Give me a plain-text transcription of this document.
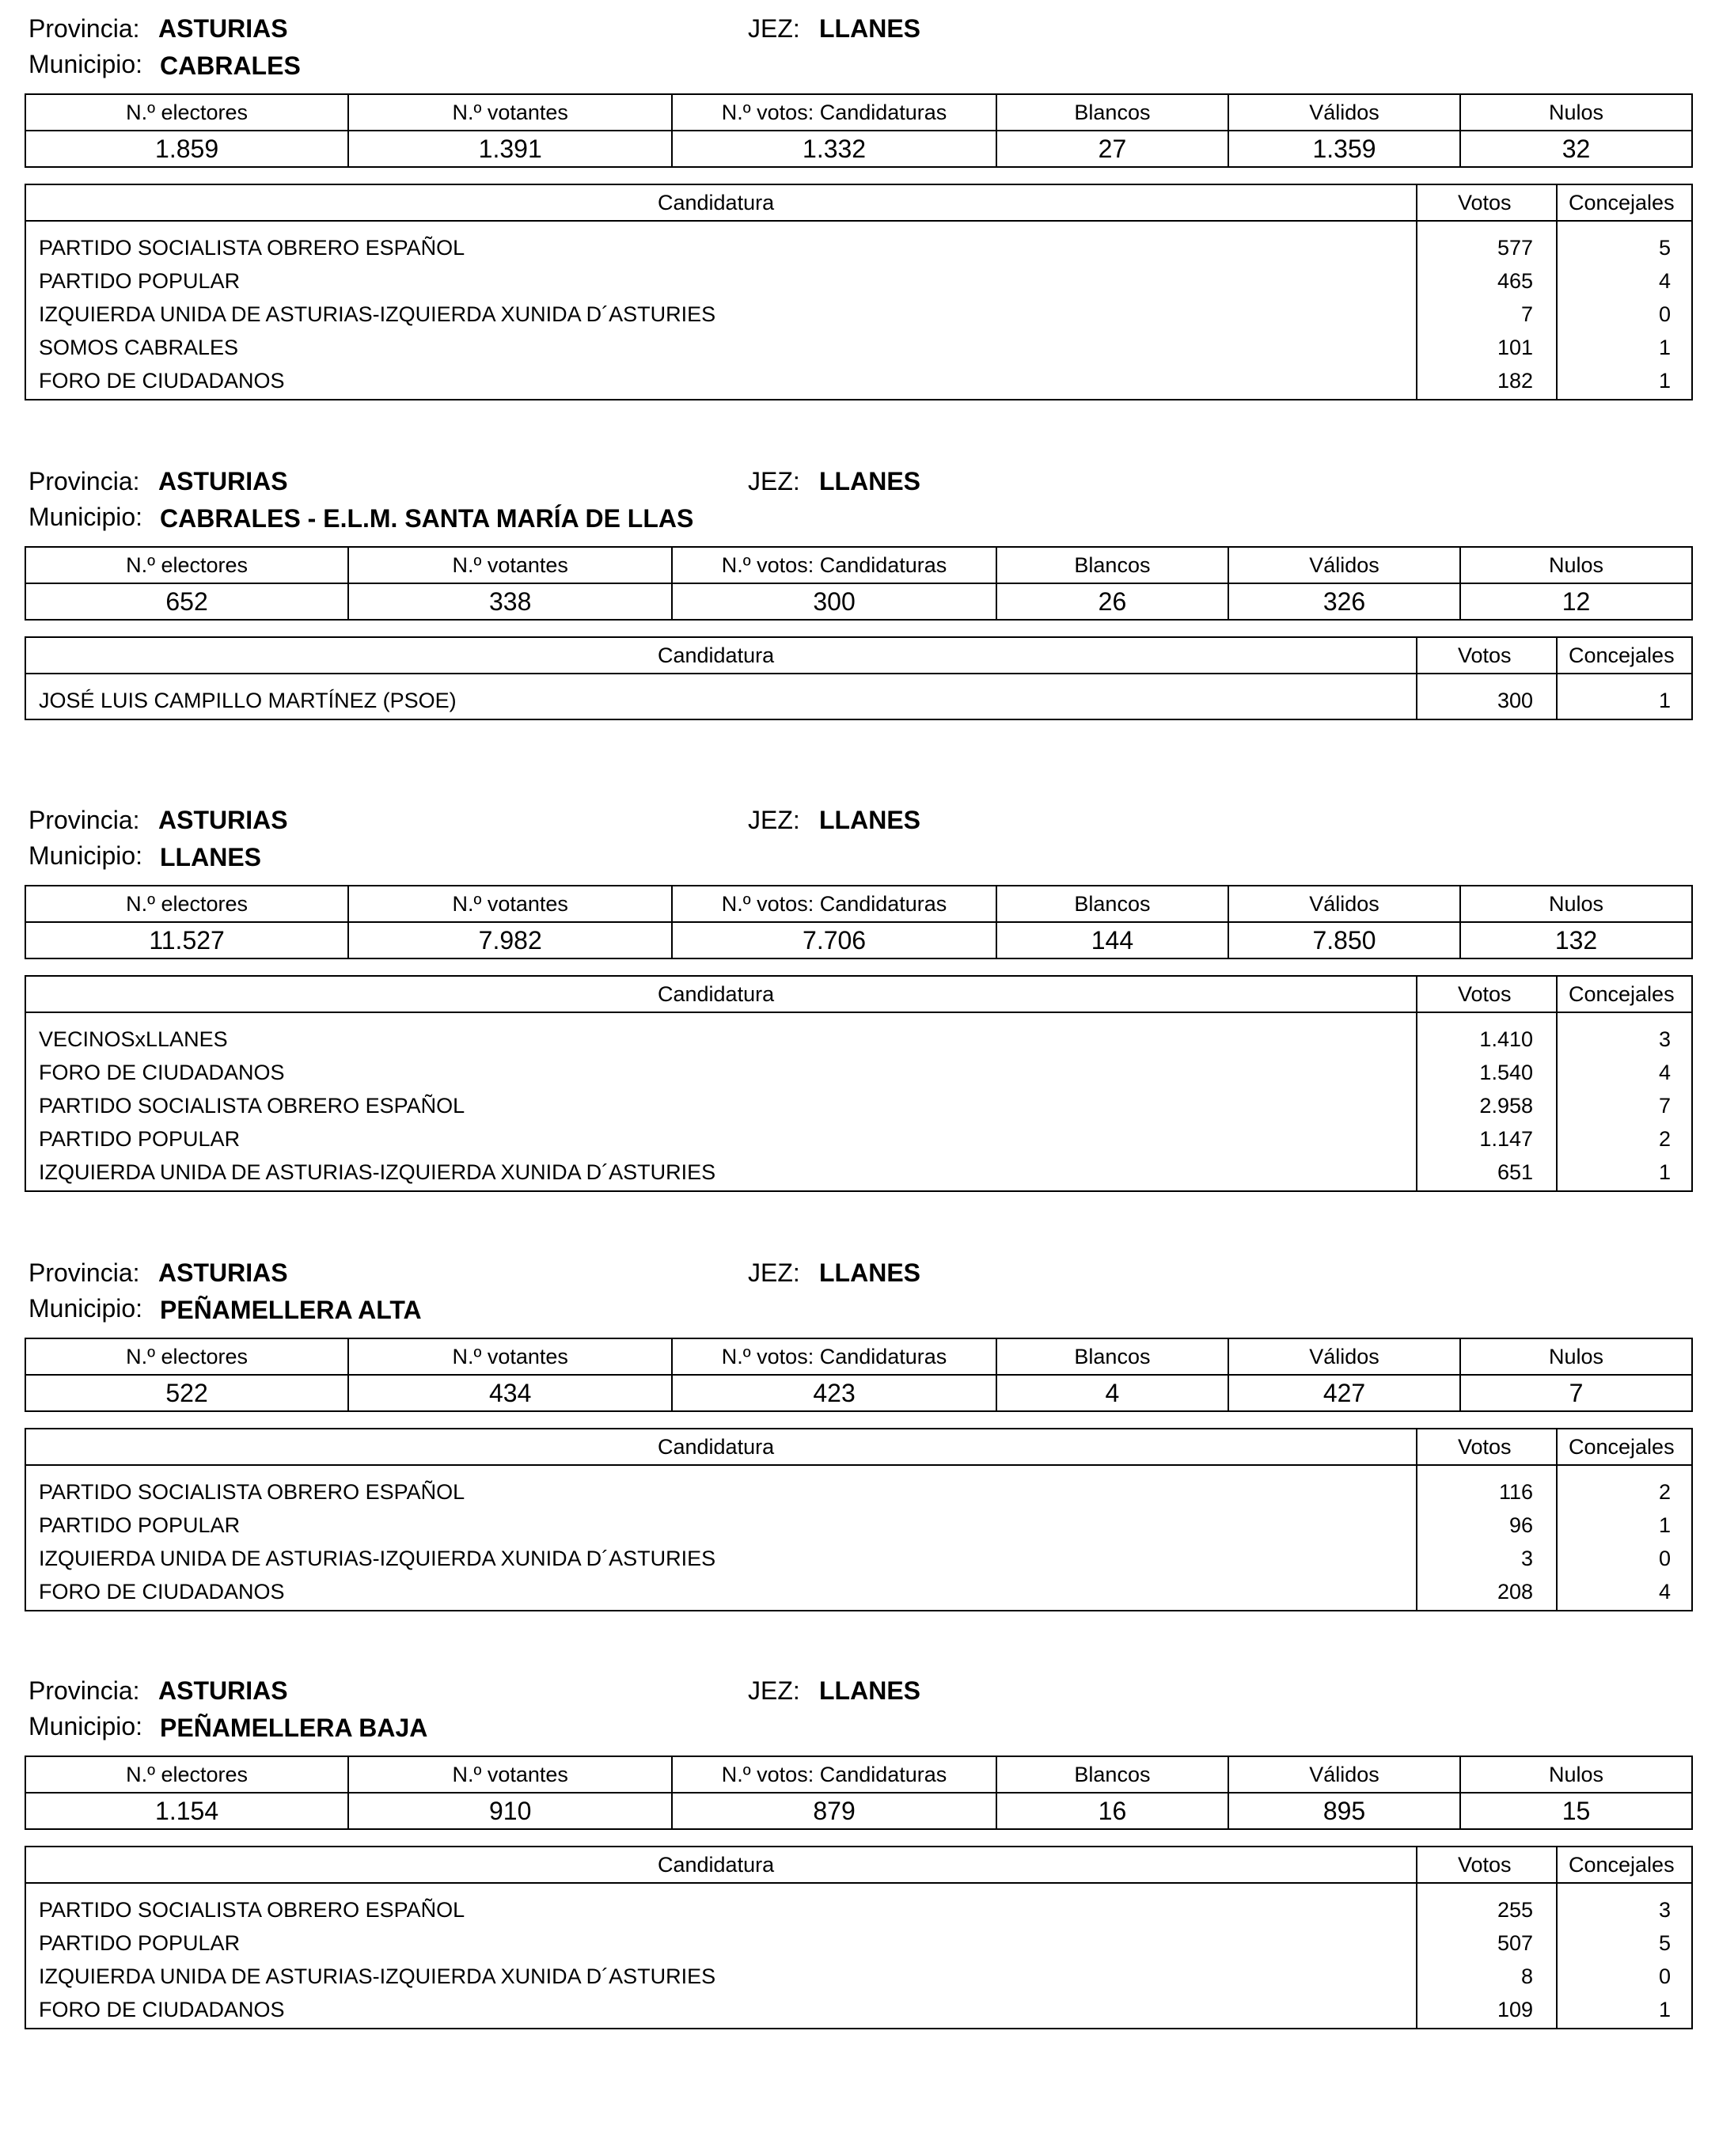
Provincia: ASTURIAS	JEZ: LLANES
Municipio: CABRALES
N.º electores	N.º votantes	N.º votos: Candidaturas	Blancos	Válidos	Nulos
1.859	1.391	1.332	27	1.359	32
Candidatura	Votos	Concejales
PARTIDO SOCIALISTA OBRERO ESPAÑOL	577	5
PARTIDO POPULAR	465	4
IZQUIERDA UNIDA DE ASTURIAS-IZQUIERDA XUNIDA D´ASTURIES	7	0
SOMOS CABRALES	101	1
FORO DE CIUDADANOS	182	1
Provincia: ASTURIAS	JEZ: LLANES
Municipio: CABRALES - E.L.M. SANTA MARÍA DE LLAS
N.º electores	N.º votantes	N.º votos: Candidaturas	Blancos	Válidos	Nulos
652	338	300	26	326	12
Candidatura	Votos	Concejales
JOSÉ LUIS CAMPILLO MARTÍNEZ (PSOE)	300	1
Provincia: ASTURIAS	JEZ: LLANES
Municipio: LLANES
N.º electores	N.º votantes	N.º votos: Candidaturas	Blancos	Válidos	Nulos
11.527	7.982	7.706	144	7.850	132
Candidatura	Votos	Concejales
VECINOSxLLANES	1.410	3
FORO DE CIUDADANOS	1.540	4
PARTIDO SOCIALISTA OBRERO ESPAÑOL	2.958	7
PARTIDO POPULAR	1.147	2
IZQUIERDA UNIDA DE ASTURIAS-IZQUIERDA XUNIDA D´ASTURIES	651	1
Provincia: ASTURIAS	JEZ: LLANES
Municipio: PEÑAMELLERA ALTA
N.º electores	N.º votantes	N.º votos: Candidaturas	Blancos	Válidos	Nulos
522	434	423	4	427	7
Candidatura	Votos	Concejales
PARTIDO SOCIALISTA OBRERO ESPAÑOL	116	2
PARTIDO POPULAR	96	1
IZQUIERDA UNIDA DE ASTURIAS-IZQUIERDA XUNIDA D´ASTURIES	3	0
FORO DE CIUDADANOS	208	4
Provincia: ASTURIAS	JEZ: LLANES
Municipio: PEÑAMELLERA BAJA
N.º electores	N.º votantes	N.º votos: Candidaturas	Blancos	Válidos	Nulos
1.154	910	879	16	895	15
Candidatura	Votos	Concejales
PARTIDO SOCIALISTA OBRERO ESPAÑOL	255	3
PARTIDO POPULAR	507	5
IZQUIERDA UNIDA DE ASTURIAS-IZQUIERDA XUNIDA D´ASTURIES	8	0
FORO DE CIUDADANOS	109	1
